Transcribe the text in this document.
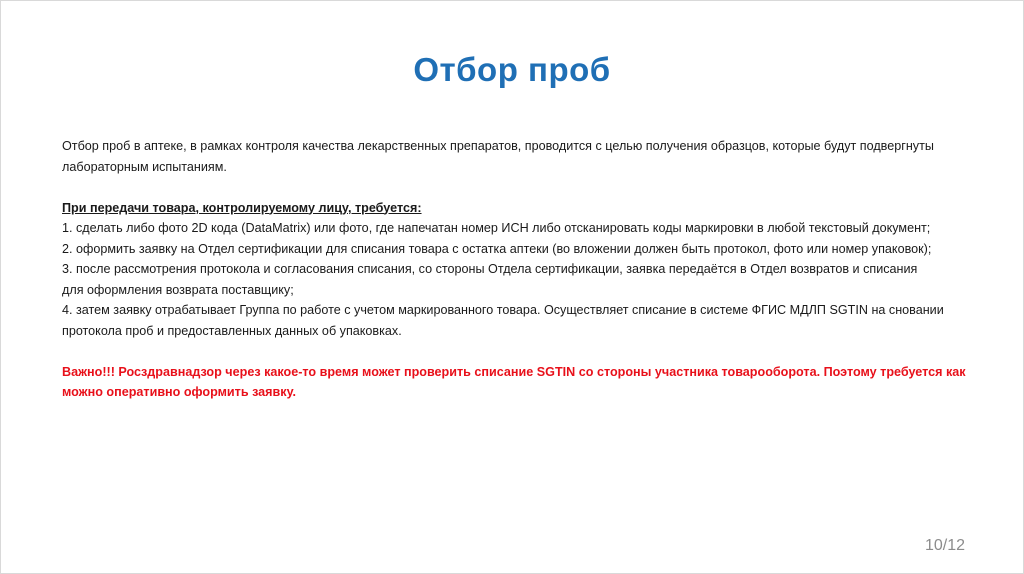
Отбор проб

Отбор проб в аптеке, в рамках контроля качества лекарственных препаратов, проводится с целью получения образцов, которые будут подвергнуты

лабораторным испытаниям.

При передачи товара, контролируемому лицу, требуется:

1. сделать либо фото 2D кода (DataMatrix) или фото, где напечатан номер ИСН либо отсканировать коды маркировки в любой текстовый документ;

2. оформить заявку на Отдел сертификации для списания товара с остатка аптеки (во вложении должен быть протокол, фото или номер упаковок);

3. после рассмотрения протокола и согласования списания, со стороны Отдела сертификации, заявка передаётся в Отдел возвратов и списания

для оформления возврата поставщику;

4. затем заявку отрабатывает Группа по работе с учетом маркированного товара. Осуществляет списание в системе ФГИС МДЛП SGTIN на сновании

протокола проб и предоставленных данных об упаковках.

Важно!!! Росздравнадзор через какое-то время может проверить списание SGTIN со стороны участника товарооборота. Поэтому требуется как

можно оперативно оформить заявку.

10/12
